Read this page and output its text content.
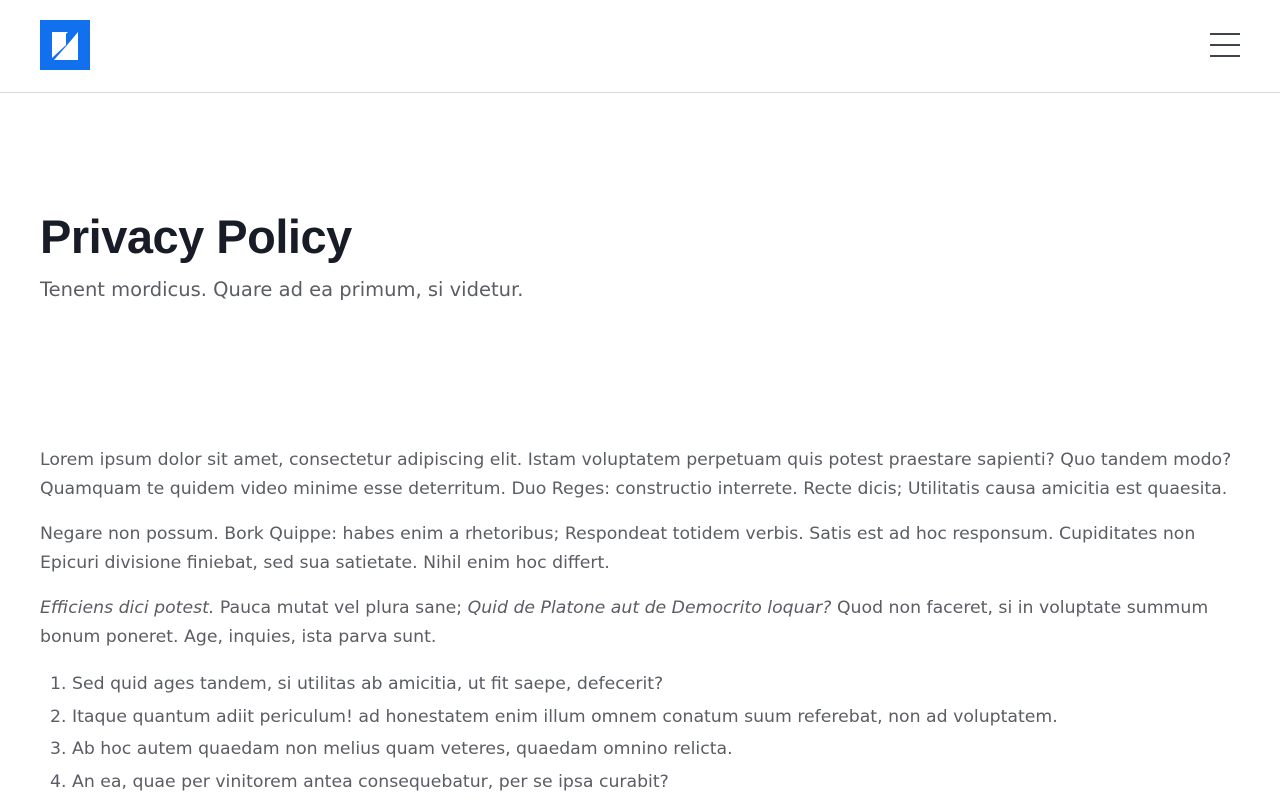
Privacy Policy

Tenent mordicus. Quare ad ea primum, si videtur.

Lorem ipsum dolor sit amet, consectetur adipiscing elit. Istam voluptatem perpetuam quis potest praestare sapienti? Quo tandem modo? Quamquam te quidem video minime esse deterritum. Duo Reges: constructio interrete. Recte dicis; Utilitatis causa amicitia est quaesita.

Negare non possum. Bork Quippe: habes enim a rhetoribus; Respondeat totidem verbis. Satis est ad hoc responsum. Cupiditates non Epicuri divisione finiebat, sed sua satietate. Nihil enim hoc differt.

Efficiens dici potest. Pauca mutat vel plura sane; Quid de Platone aut de Democrito loquar? Quod non faceret, si in voluptate summum bonum poneret. Age, inquies, ista parva sunt.

1. Sed quid ages tandem, si utilitas ab amicitia, ut fit saepe, defecerit?
2. Itaque quantum adiit periculum! ad honestatem enim illum omnem conatum suum referebat, non ad voluptatem.
3. Ab hoc autem quaedam non melius quam veteres, quaedam omnino relicta.
4. An ea, quae per vinitorem antea consequebatur, per se ipsa curabit?
